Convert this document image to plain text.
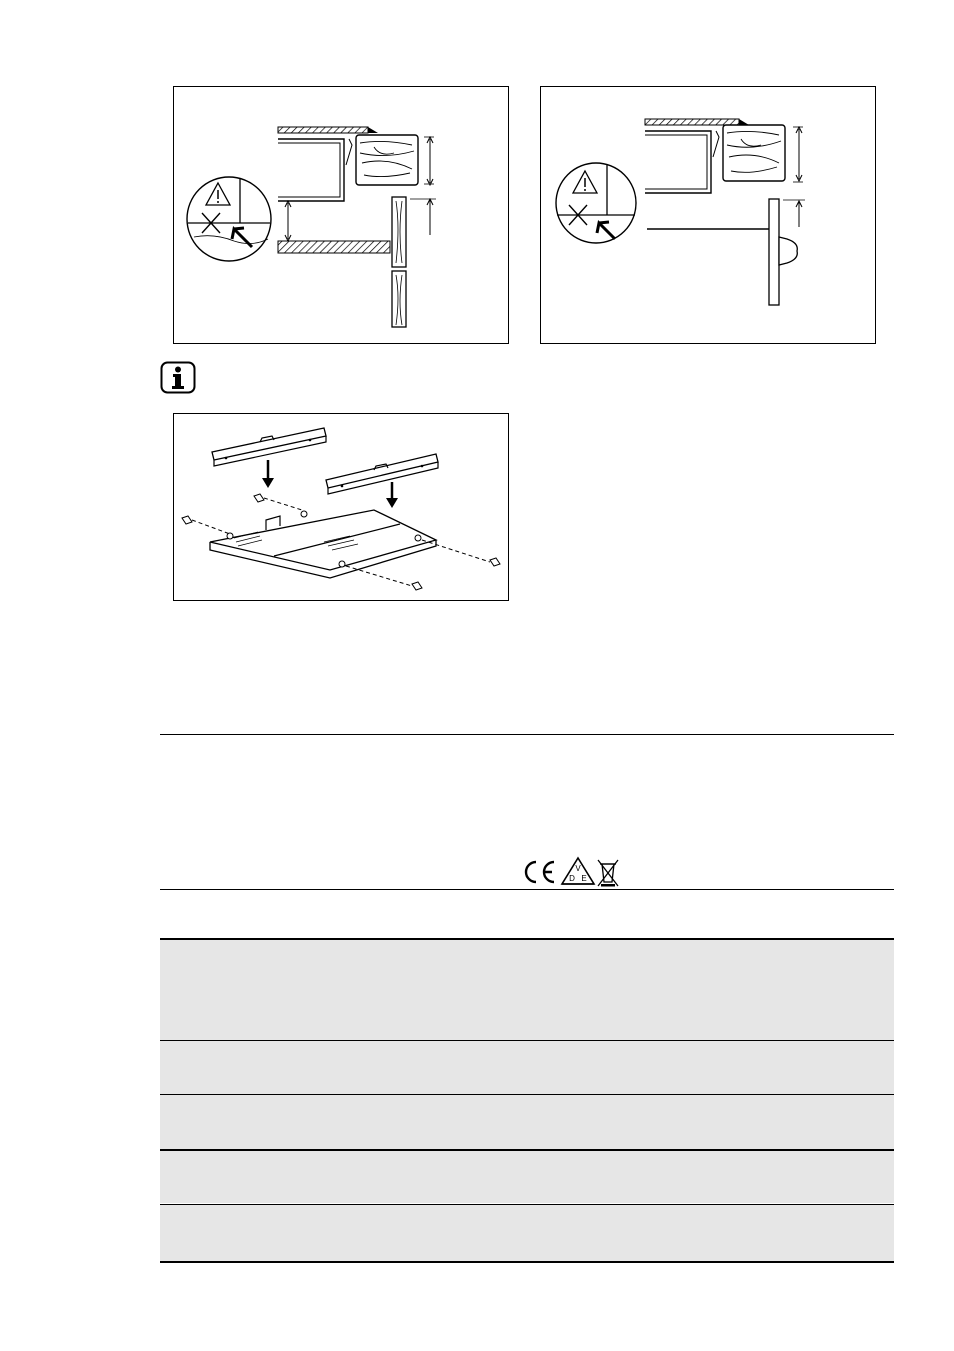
V
D E
